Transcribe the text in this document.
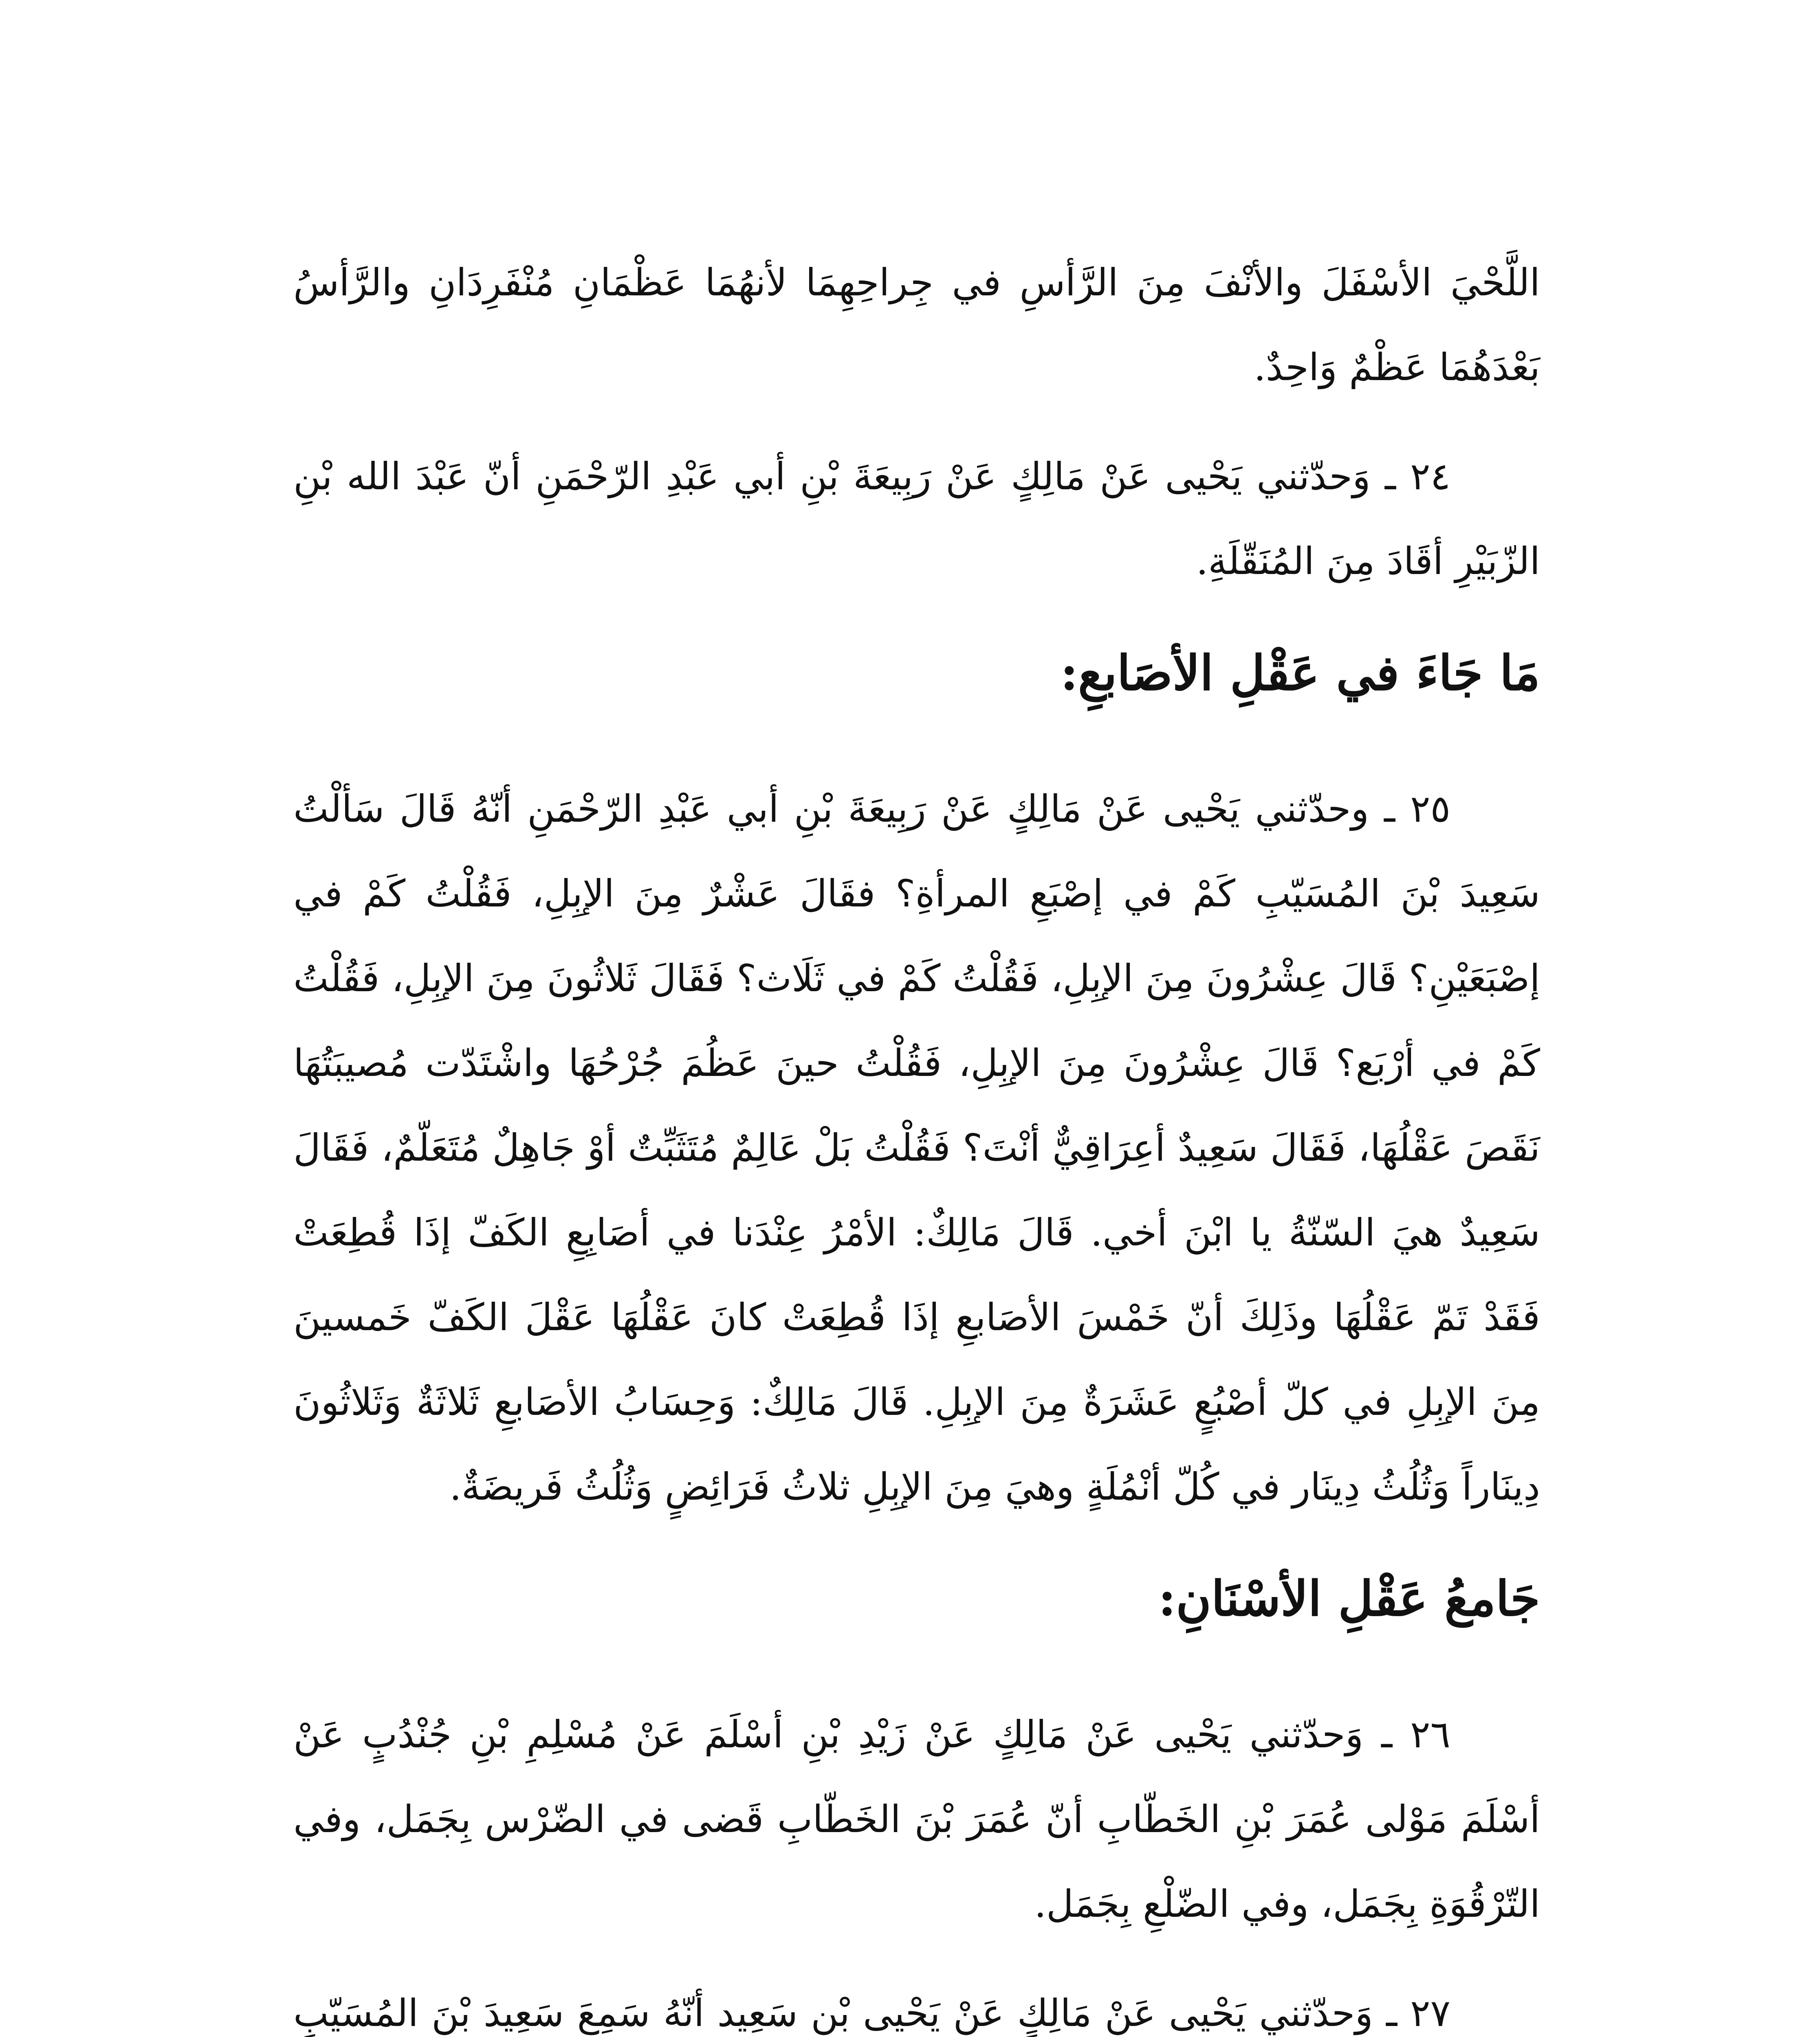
اللَّحْيَ الأسْفَلَ والأنْفَ مِنَ الرَّأسِ في جِراحِهِمَا لأنهُمَا عَظْمَانِ مُنْفَرِدَانِ والرَّأسُ بَعْدَهُمَا عَظْمٌ وَاحِدٌ.

٢٤ ـ وَحدّثني يَحْيى عَنْ مَالِكٍ عَنْ رَبِيعَةَ بْنِ أبي عَبْدِ الرّحْمَنِ أنّ عَبْدَ الله بْنِ الزّبَيْرِ أقَادَ مِنَ المُنَقّلَةِ.

مَا جَاءَ في عَقْلِ الأصَابعِ:

٢٥ ـ وحدّثني يَحْيى عَنْ مَالِكٍ عَنْ رَبِيعَةَ بْنِ أبي عَبْدِ الرّحْمَنِ أنّهُ قَالَ سَألْتُ سَعِيدَ بْنَ المُسَيّبِ كَمْ في إصْبَعِ المرأةِ؟ فقَالَ عَشْرٌ مِنَ الإبِلِ، فَقُلْتُ كَمْ في إصْبَعَيْنِ؟ قَالَ عِشْرُونَ مِنَ الإبِلِ، فَقُلْتُ كَمْ في ثَلَاث؟ فَقَالَ ثَلاثُونَ مِنَ الإبِلِ، فَقُلْتُ كَمْ في أرْبَع؟ قَالَ عِشْرُونَ مِنَ الإبِلِ، فَقُلْتُ حينَ عَظُمَ جُرْحُهَا واشْتَدّت مُصيبَتُهَا نَقَصَ عَقْلُهَا، فَقَالَ سَعِيدٌ أعِرَاقِيٌّ أنْتَ؟ فَقُلْتُ بَلْ عَالِمٌ مُتَثَبِّتٌ أوْ جَاهِلٌ مُتَعَلّمٌ، فَقَالَ سَعِيدٌ هيَ السّنّةُ يا ابْنَ أخي. قَالَ مَالِكٌ: الأمْرُ عِنْدَنا في أصَابِعِ الكَفّ إذَا قُطِعَتْ فَقَدْ تَمّ عَقْلُهَا وذَلِكَ أنّ خَمْسَ الأصَابعِ إذَا قُطِعَتْ كانَ عَقْلُهَا عَقْلَ الكَفّ خَمسينَ مِنَ الإبِلِ في كلّ أصْبُعٍ عَشَرَةٌ مِنَ الإبِلِ. قَالَ مَالِكٌ: وَحِسَابُ الأصَابعِ ثَلاثَةٌ وَثَلاثُونَ دِينَاراً وَثُلُثُ دِينَار في كُلّ أنْمُلَةٍ وهيَ مِنَ الإبِلِ ثلاثُ فَرَائِضٍ وَثُلُثُ فَريضَةٌ.

جَامعُ عَقْلِ الأسْنَانِ:

٢٦ ـ وَحدّثني يَحْيى عَنْ مَالِكٍ عَنْ زَيْدِ بْنِ أسْلَمَ عَنْ مُسْلِمِ بْنِ جُنْدُبٍ عَنْ أسْلَمَ مَوْلى عُمَرَ بْنِ الخَطّابِ أنّ عُمَرَ بْنَ الخَطّابِ قَضى في الضّرْس بِجَمَل، وفي التّرْقُوَةِ بِجَمَل، وفي الضّلْعِ بِجَمَل.

٢٧ ـ وَحدّثني يَحْيى عَنْ مَالِكٍ عَنْ يَحْيى بْنِ سَعِيد أنّهُ سَمِعَ سَعِيدَ بْنَ المُسَيّبِ
